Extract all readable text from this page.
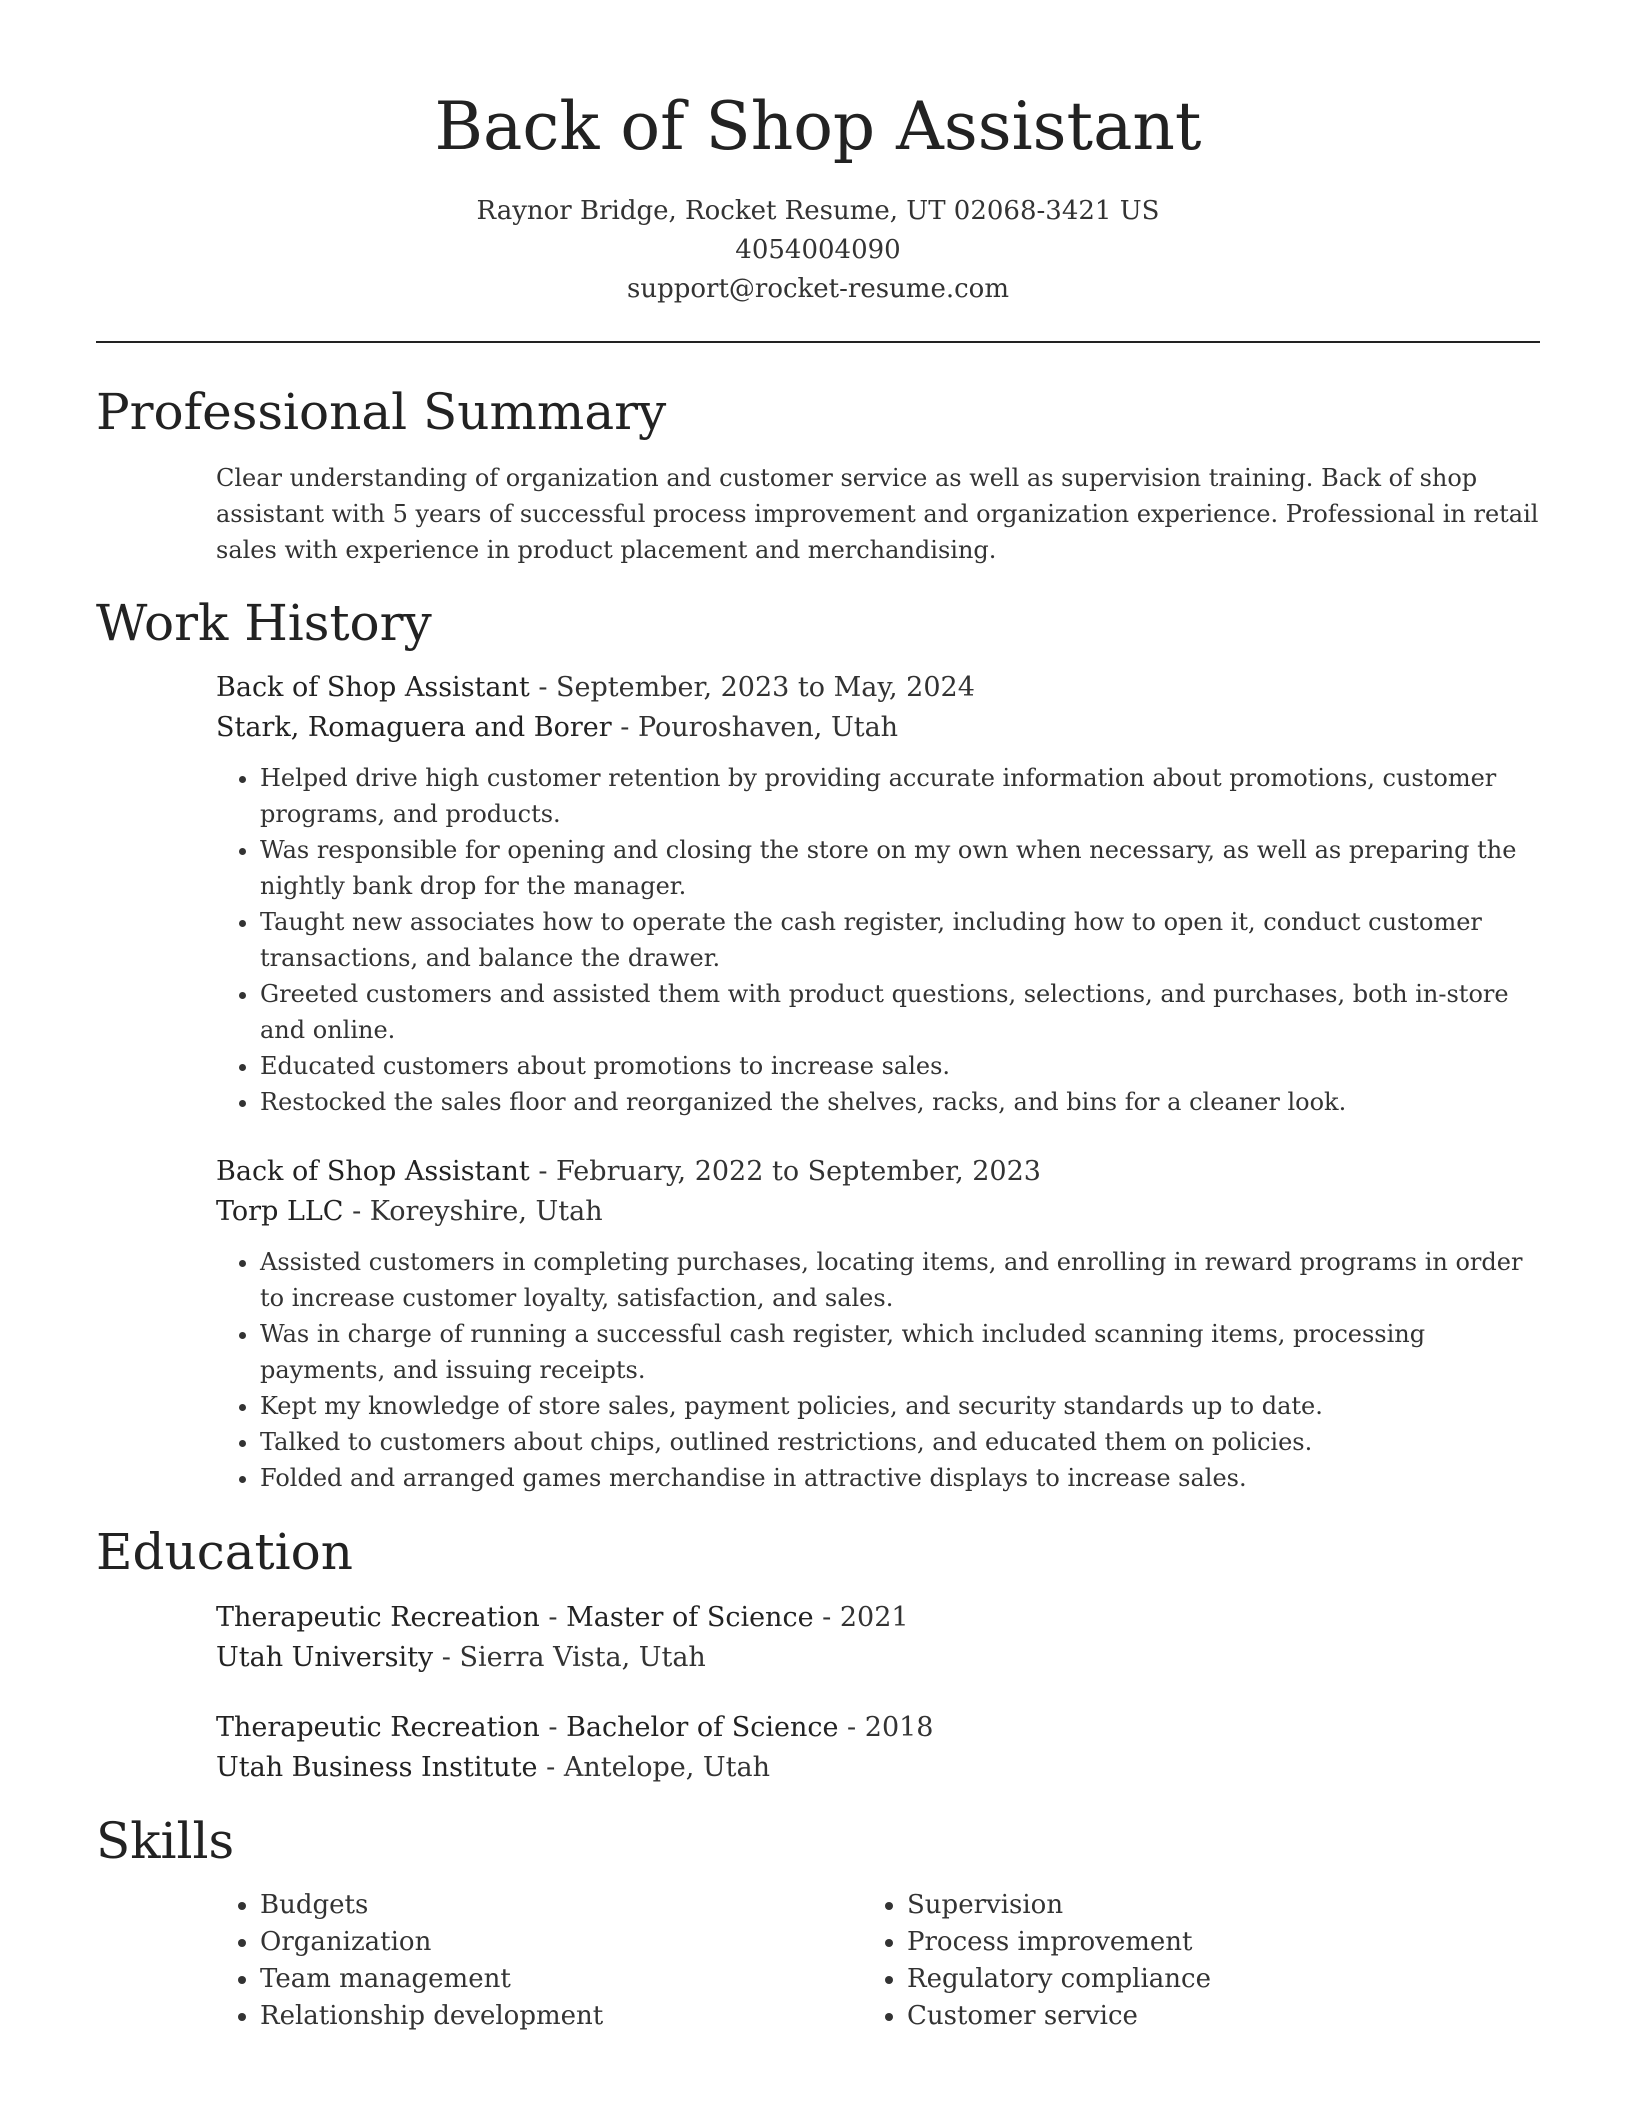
Back of Shop Assistant
Raynor Bridge, Rocket Resume, UT 02068-3421 US
4054004090
support@rocket-resume.com
Professional Summary

Clear understanding of organization and customer service as well as supervision training. Back of shop assistant with 5 years of successful process improvement and organization experience. Professional in retail sales with experience in product placement and merchandising.

Work History
Back of Shop Assistant - September, 2023 to May, 2024
Stark, Romaguera and Borer - Pouroshaven, Utah
• Helped drive high customer retention by providing accurate information about promotions, customer programs, and products.
• Was responsible for opening and closing the store on my own when necessary, as well as preparing the nightly bank drop for the manager.
• Taught new associates how to operate the cash register, including how to open it, conduct customer transactions, and balance the drawer.
• Greeted customers and assisted them with product questions, selections, and purchases, both in-store and online.
• Educated customers about promotions to increase sales.
• Restocked the sales floor and reorganized the shelves, racks, and bins for a cleaner look.
Back of Shop Assistant - February, 2022 to September, 2023
Torp LLC - Koreyshire, Utah
• Assisted customers in completing purchases, locating items, and enrolling in reward programs in order to increase customer loyalty, satisfaction, and sales.
• Was in charge of running a successful cash register, which included scanning items, processing payments, and issuing receipts.
• Kept my knowledge of store sales, payment policies, and security standards up to date.
• Talked to customers about chips, outlined restrictions, and educated them on policies.
• Folded and arranged games merchandise in attractive displays to increase sales.
Education
Therapeutic Recreation - Master of Science - 2021
Utah University - Sierra Vista, Utah
Therapeutic Recreation - Bachelor of Science - 2018
Utah Business Institute - Antelope, Utah
Skills
• Budgets
• Organization
• Team management
• Relationship development
• Supervision
• Process improvement
• Regulatory compliance
• Customer service
